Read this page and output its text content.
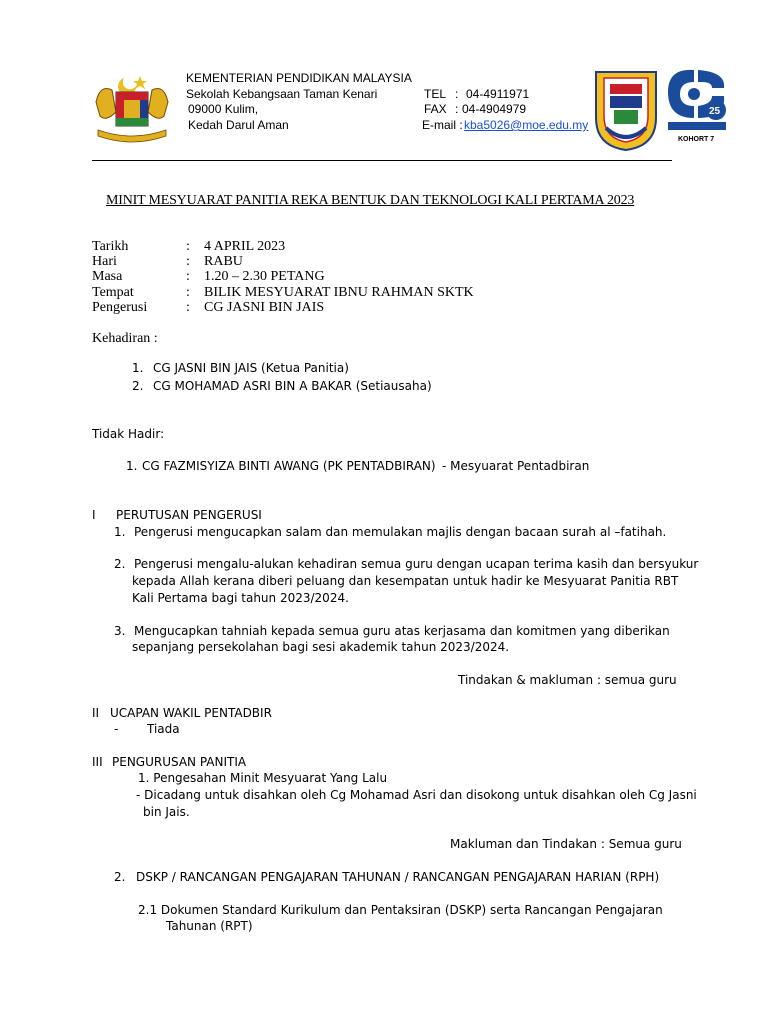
25
KOHORT 7
KEMENTERIAN PENDIDIKAN MALAYSIA
Sekolah Kebangsaan Taman Kenari
09000 Kulim,
Kedah Darul Aman
TEL : 04-4911971
FAX : 04-4904979
E-mail : kba5026@moe.edu.my
MINIT MESYUARAT PANITIA REKA BENTUK DAN TEKNOLOGI KALI PERTAMA 2023
Tarikh	: 4 APRIL 2023
Hari	: RABU
Masa	: 1.20 – 2.30 PETANG
Tempat	: BILIK MESYUARAT IBNU RAHMAN SKTK
Pengerusi	: CG JASNI BIN JAIS
Kehadiran :
1. CG JASNI BIN JAIS (Ketua Panitia)
2. CG MOHAMAD ASRI BIN A BAKAR (Setiausaha)
Tidak Hadir:
1. CG FAZMISYIZA BINTI AWANG (PK PENTADBIRAN) - Mesyuarat Pentadbiran
I PERUTUSAN PENGERUSI
1. Pengerusi mengucapkan salam dan memulakan majlis dengan bacaan surah al –fatihah.
2. Pengerusi mengalu-alukan kehadiran semua guru dengan ucapan terima kasih dan bersyukur
kepada Allah kerana diberi peluang dan kesempatan untuk hadir ke Mesyuarat Panitia RBT
Kali Pertama bagi tahun 2023/2024.
3. Mengucapkan tahniah kepada semua guru atas kerjasama dan komitmen yang diberikan
sepanjang persekolahan bagi sesi akademik tahun 2023/2024.
Tindakan & makluman : semua guru
II UCAPAN WAKIL PENTADBIR
- Tiada
III PENGURUSAN PANITIA
1. Pengesahan Minit Mesyuarat Yang Lalu
- Dicadang untuk disahkan oleh Cg Mohamad Asri dan disokong untuk disahkan oleh Cg Jasni
bin Jais.
Makluman dan Tindakan : Semua guru
2. DSKP / RANCANGAN PENGAJARAN TAHUNAN / RANCANGAN PENGAJARAN HARIAN (RPH)
2.1 Dokumen Standard Kurikulum dan Pentaksiran (DSKP) serta Rancangan Pengajaran
Tahunan (RPT)
